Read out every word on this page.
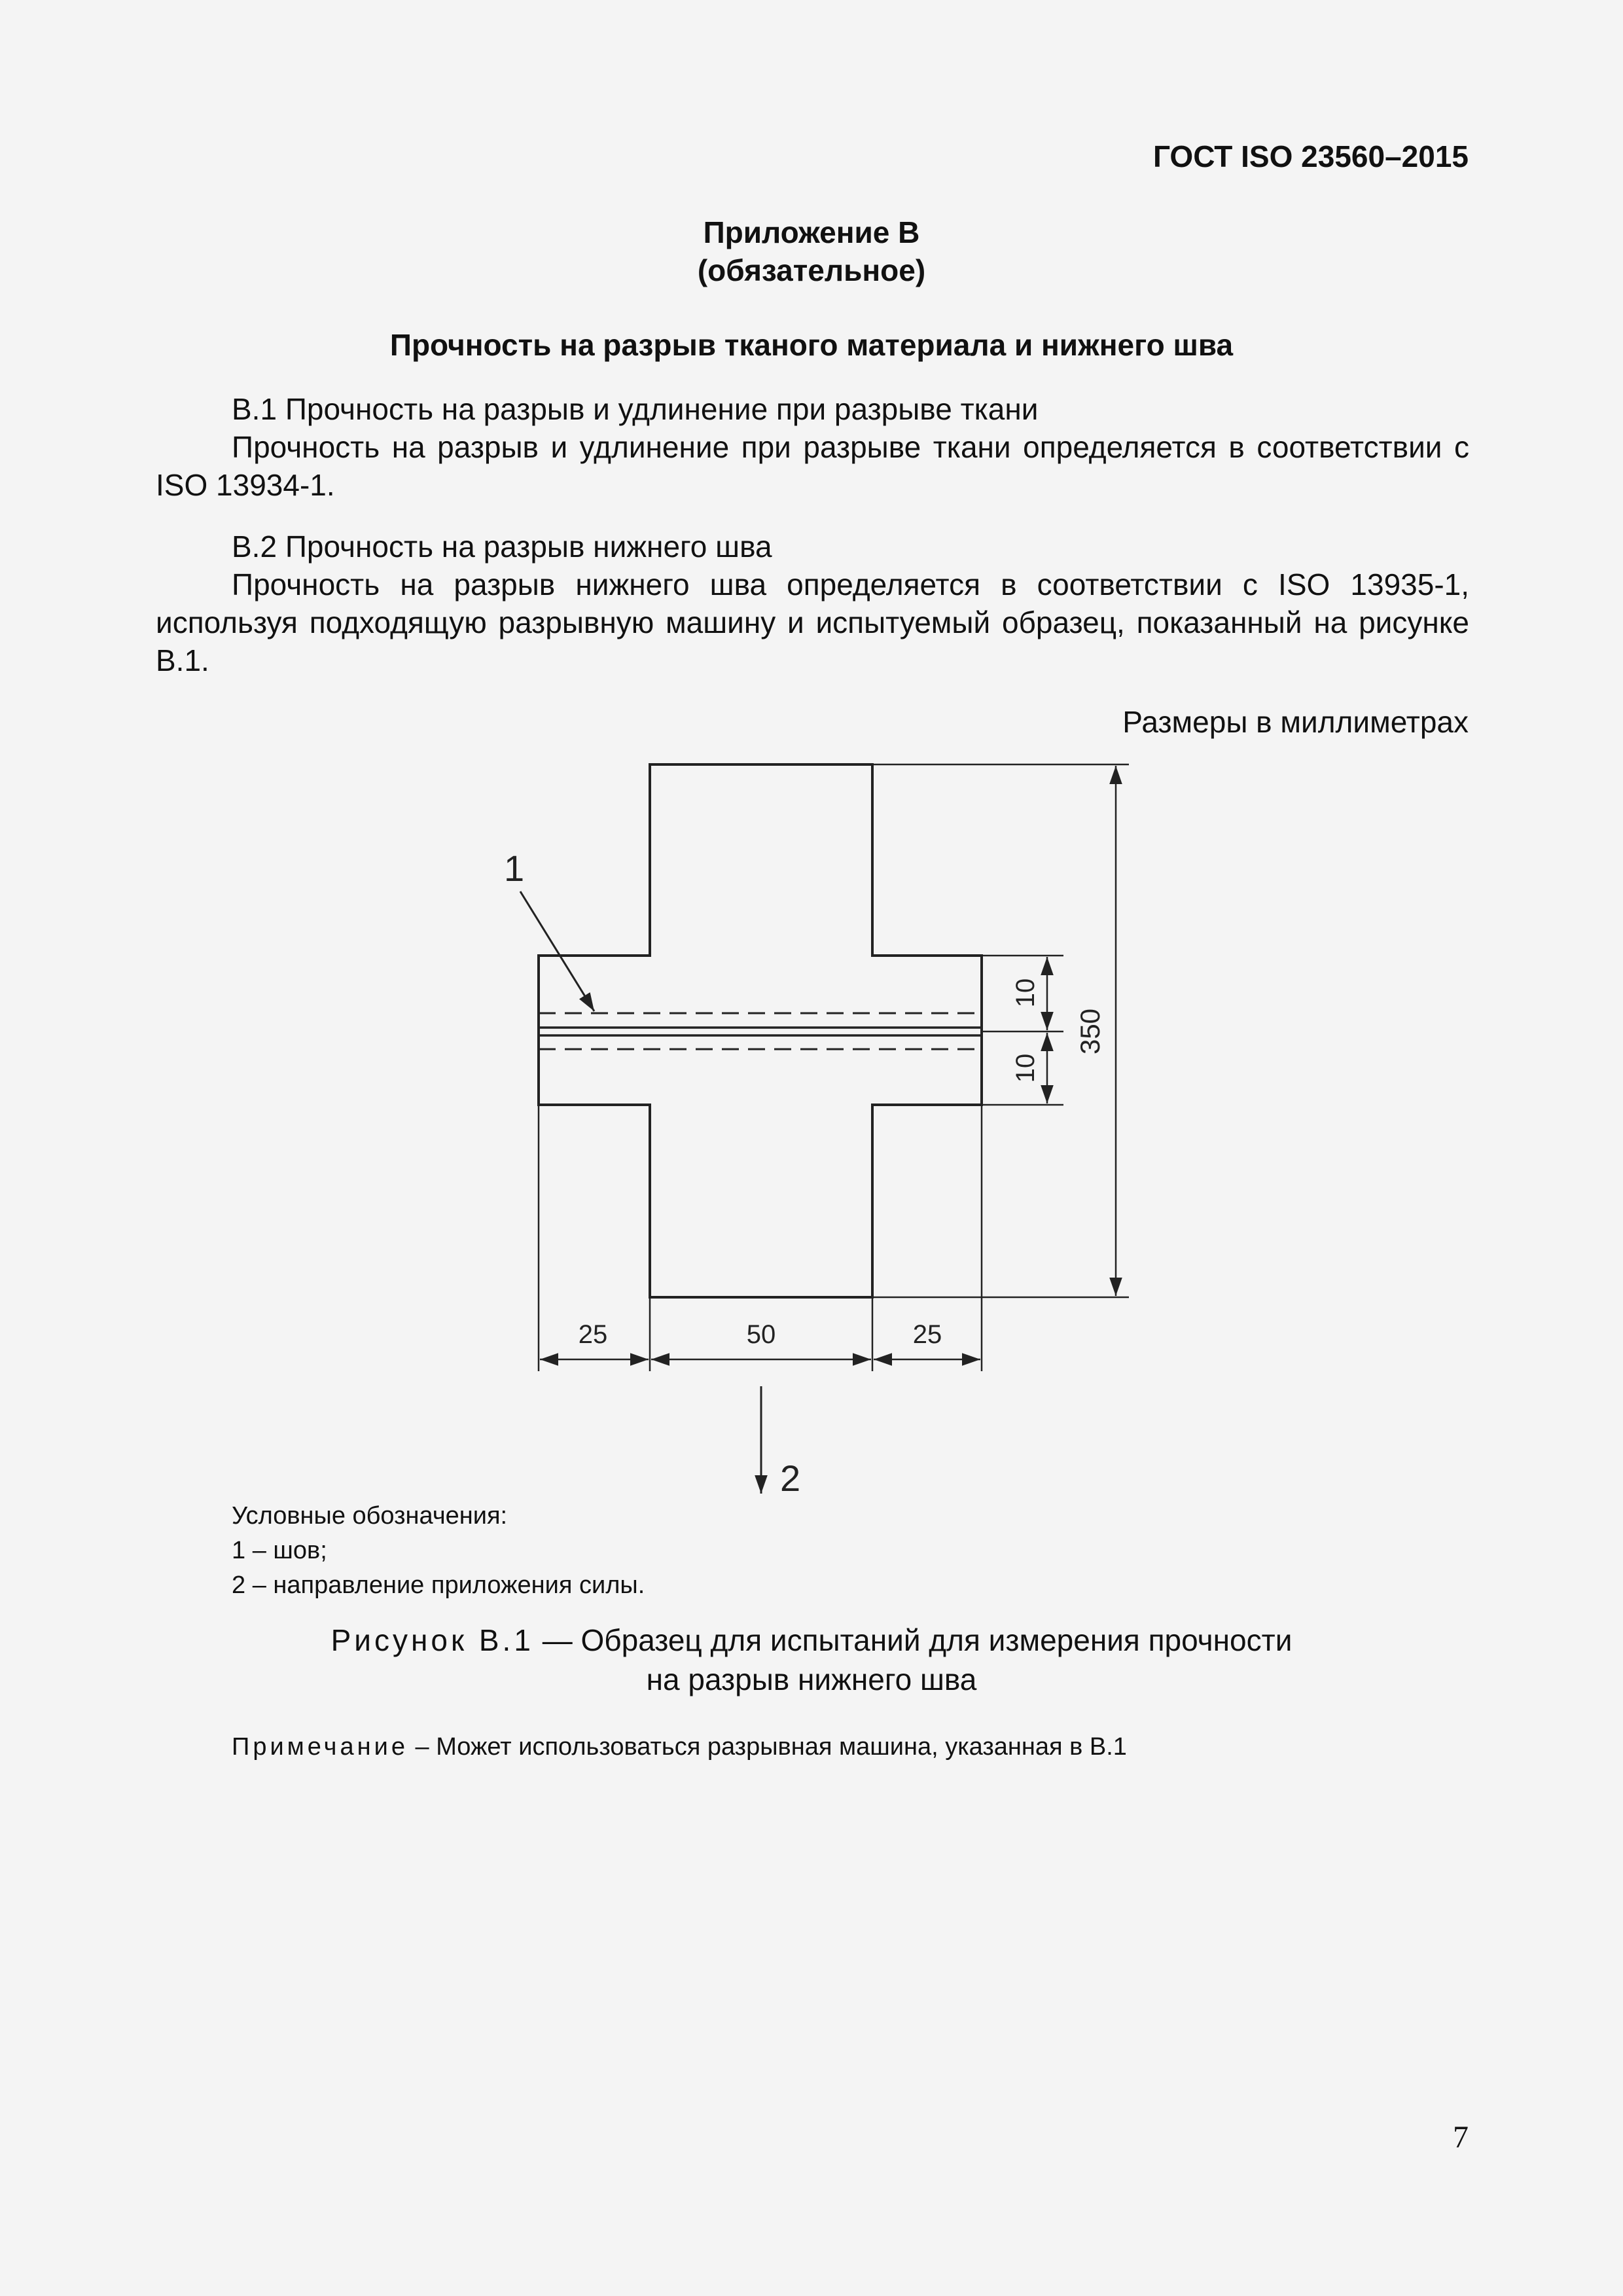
ГОСТ ISO 23560–2015
Приложение В
(обязательное)
Прочность на разрыв тканого материала и нижнего шва
В.1 Прочность на разрыв и удлинение при разрыве ткани
Прочность на разрыв и удлинение при разрыве ткани определяется в соответствии с ISO 13934-1.
В.2 Прочность на разрыв нижнего шва
Прочность на разрыв нижнего шва определяется в соответствии с ISO 13935-1, используя подходящую разрывную машину и испытуемый образец, показанный на рисунке В.1.
Размеры в миллиметрах
1
10
10
350
25	50	25
2
Условные обозначения:
1 – шов;
2 – направление приложения силы.
Рисунок В.1 — Образец для испытаний для измерения прочности
на разрыв нижнего шва
Примечание – Может использоваться разрывная машина, указанная в В.1
7
